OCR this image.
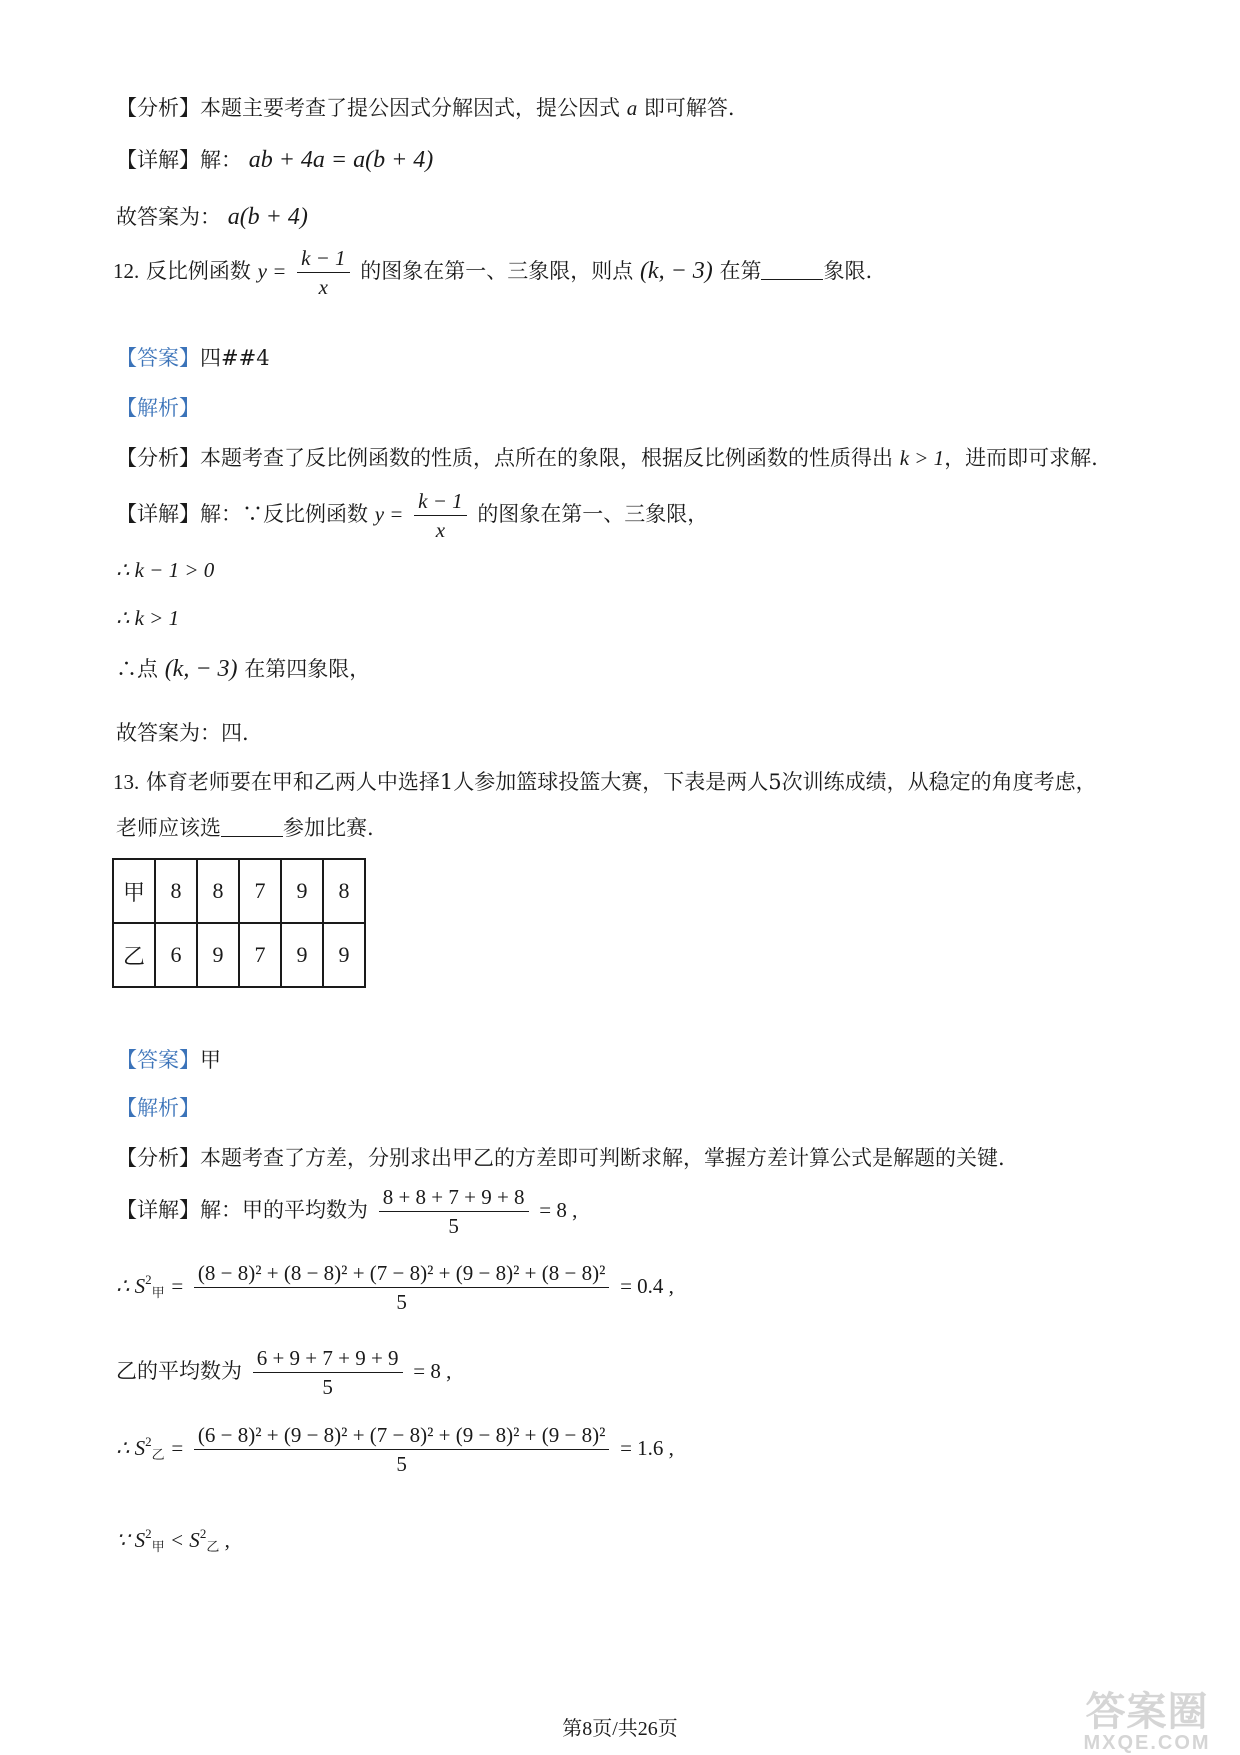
【分析】本题主要考查了提公因式分解因式，提公因式 a 即可解答.
【详解】解： ab + 4a = a(b + 4)
故答案为： a(b + 4)
12. 反比例函数 $y = \frac{k - 1}{x}$ 的图象在第一、三象限，则点 (k, − 3) 在第	象限.
【答案】四##4
【解析】
【分析】本题考查了反比例函数的性质，点所在的象限，根据反比例函数的性质得出 k > 1，进而即可求解.
【详解】解：∵反比例函数 $y = \frac{k - 1}{x}$ 的图象在第一、三象限，
∴ k − 1 > 0
∴ k > 1
∴点 (k, − 3) 在第四象限，
故答案为：四.
13. 体育老师要在甲和乙两人中选择1人参加篮球投篮大赛，下表是两人5次训练成绩，从稳定的角度考虑，
老师应该选	参加比赛.
甲	8	8	7	9	8
乙	6	9	7	9	9
【答案】甲
【解析】
【分析】本题考查了方差，分别求出甲乙的方差即可判断求解，掌握方差计算公式是解题的关键.
【详解】解：甲的平均数为 $\frac{8 + 8 + 7 + 9 + 8}{5} = 8$ ,
∴ $S^2_甲 = \frac{\text{(8 − 8)² + (8 − 8)² + (7 − 8)² + (9 − 8)² + (8 − 8)²}}{5} = 0.4$ ,
乙的平均数为 $\frac{6 + 9 + 7 + 9 + 9}{5} = 8$ ,
∴ $S^2_乙 = \frac{\text{(6 − 8)² + (9 − 8)² + (7 − 8)² + (9 − 8)² + (9 − 8)²}}{5} = 1.6$ ,
∵ $S^2_甲 < S^2_乙$ ,
第8页/共26页	答案圈
MXQE.COM
